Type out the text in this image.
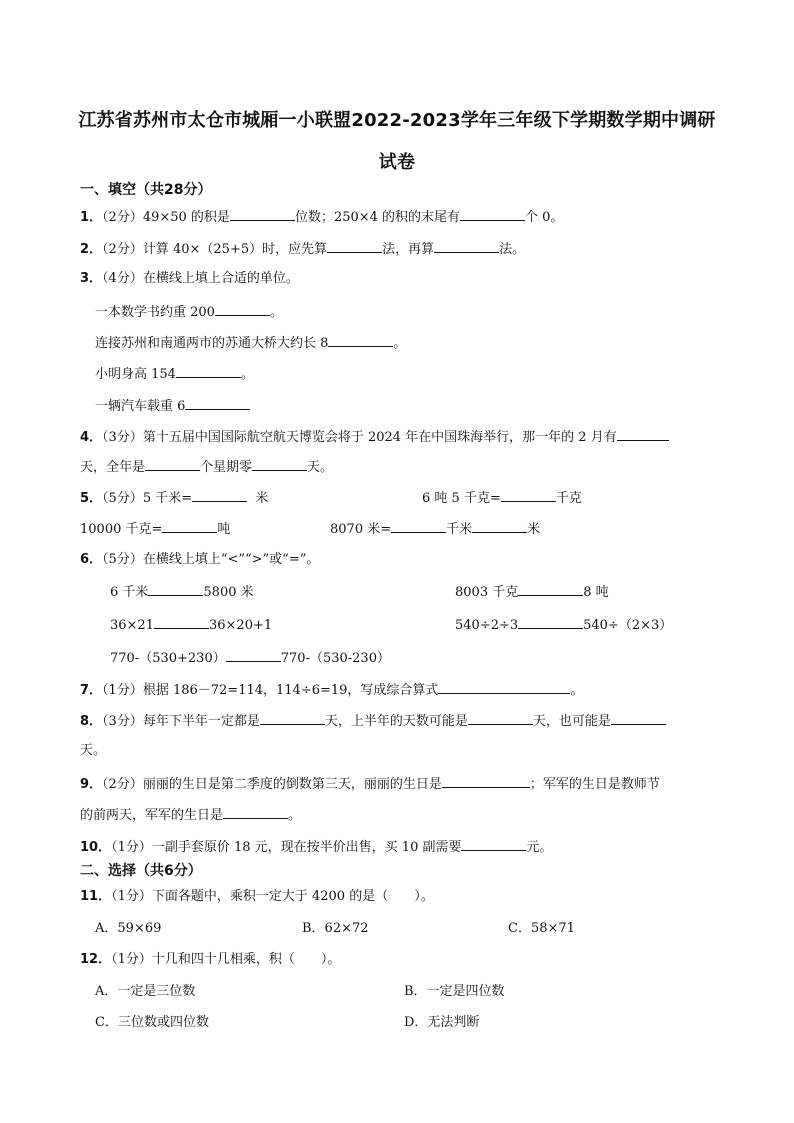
江苏省苏州市太仓市城厢一小联盟2022-2023学年三年级下学期数学期中调研
试卷
一、填空（共28分）
1．（2分）49×50 的积是	位数；250×4 的积的末尾有	个 0。
2．（2分）计算 40×（25+5）时，应先算	法，再算	法。
3．（4分）在横线上填上合适的单位。
一本数学书约重 200	。
连接苏州和南通两市的苏通大桥大约长 8	。
小明身高 154	。
一辆汽车载重 6
4．（3分）第十五届中国国际航空航天博览会将于 2024 年在中国珠海举行，那一年的 2 月有
天，全年是	个星期零	天。
5．（5分）5 千米=	米	6 吨 5 千克=	千克
10000 千克=	吨	8070 米=	千米	米
6．（5分）在横线上填上“<”“>”或“=”。
6 千米	5800 米	8003 千克	8 吨
36×21	36×20+1	540÷2÷3	540÷（2×3）
770-（530+230）	770-（530-230）
7．（1分）根据 186－72=114，114÷6=19，写成综合算式	。
8．（3分）每年下半年一定都是	天，上半年的天数可能是	天，也可能是
天。
9．（2分）丽丽的生日是第二季度的倒数第三天，丽丽的生日是	；军军的生日是教师节
的前两天，军军的生日是	。
10．（1分）一副手套原价 18 元，现在按半价出售，买 10 副需要	元。
二、选择（共6分）
11．（1分）下面各题中，乘积一定大于 4200 的是（　　）。
A．59×69	B．62×72	C．58×71
12．（1分）十几和四十几相乘，积（　　）。
A．一定是三位数	B．一定是四位数
C．三位数或四位数	D．无法判断
